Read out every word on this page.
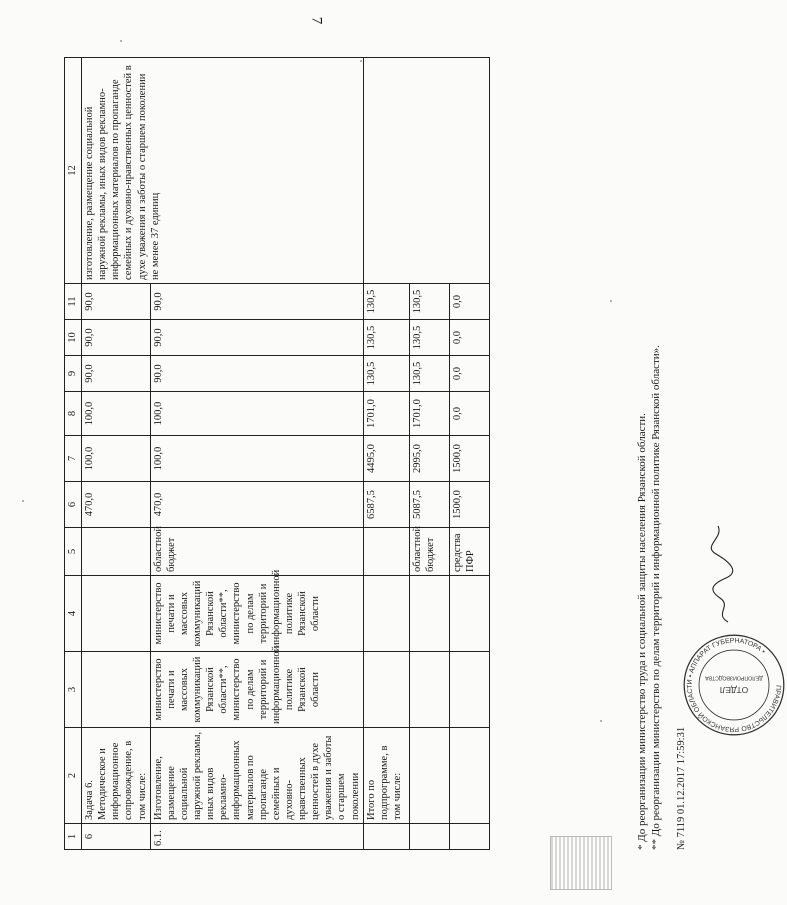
7
1	2	3	4	5	6	7	8	9	10	11	12
6	Задача 6. Методическое и информационное сопровождение, в том числе:				470,0	100,0	100,0	90,0	90,0	90,0	изготовление, размещение социальной наружной рекламы, иных видов рекламно-информационных материалов по пропаганде семейных и духовно-нравственных ценностей в духе уважения и заботы о старшем поколении не менее 37 единиц
6.1.	Изготовление, размещение социальной наружной рекламы, иных видов рекламно-информационных материалов по пропаганде семейных и духовно-нравственных ценностей в духе уважения и заботы о старшем поколении	министерство печати и массовых коммуникаций Рязанской области**, министерство по делам территорий и информационной политике Рязанской области	министерство печати и массовых коммуникаций Рязанской области**, министерство по делам территорий и информационной политике Рязанской области	областной бюджет	470,0	100,0	100,0	90,0	90,0	90,0	
	Итого по подпрограмме, в том числе:				6587,5	4495,0	1701,0	130,5	130,5	130,5	
				областной бюджет	5087,5	2995,0	1701,0	130,5	130,5	130,5	
				средства ПФР	1500,0	1500,0	0,0	0,0	0,0	0,0	
* До реорганизации министерство труда и социальной защиты населения Рязанской области. ** До реорганизации министерство по делам территорий и информационной политике Рязанской области».	ПРАВИТЕЛЬСТВО РЯЗАНСКОЙ ОБЛАСТИ • АППАРАТ ГУБЕРНАТОРА •
ОТДЕЛ
ДЕЛОПРОИЗВОДСТВА
№ 7119 01.12.2017 17:59:31
